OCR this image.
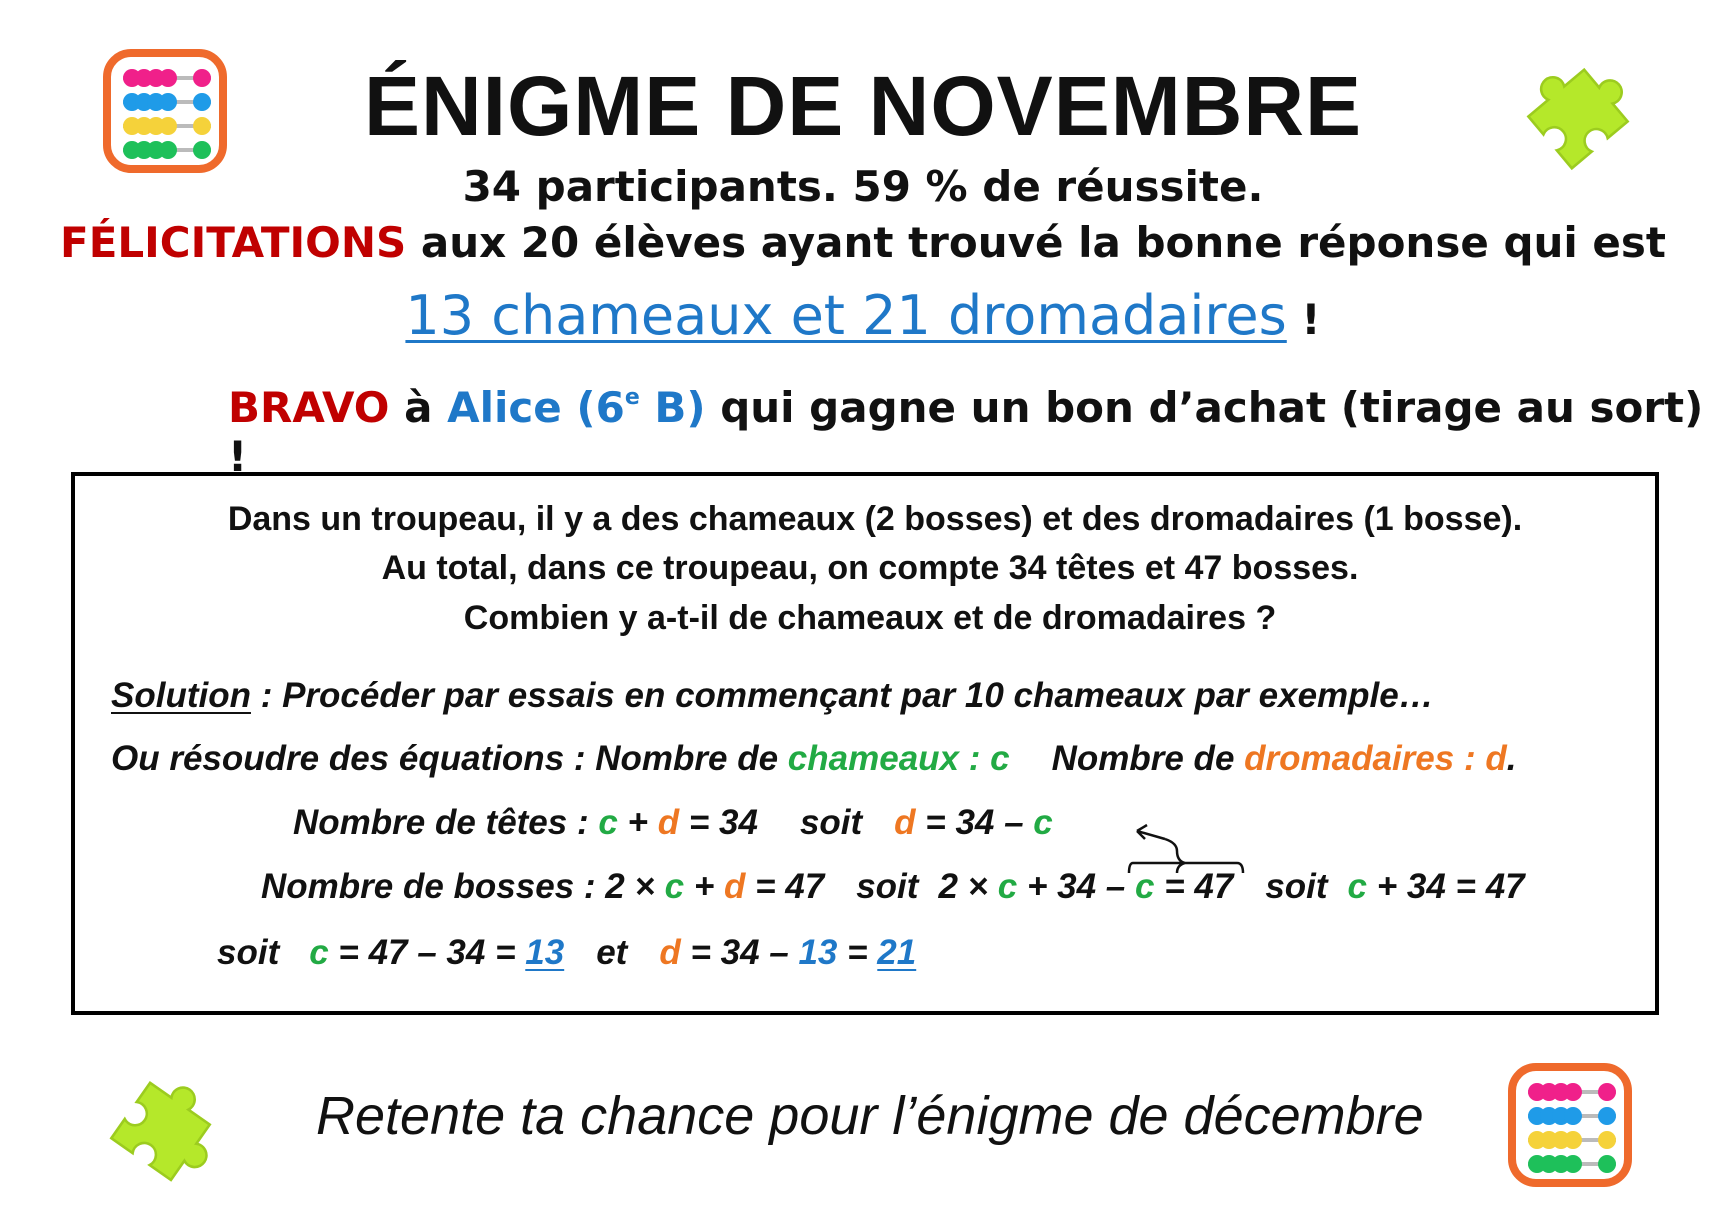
ÉNIGME DE NOVEMBRE
34 participants. 59 % de réussite.
FÉLICITATIONS aux 20 élèves ayant trouvé la bonne réponse qui est
13 chameaux et 21 dromadaires !
BRAVO à Alice (6e B) qui gagne un bon d’achat (tirage au sort) !
Dans un troupeau, il y a des chameaux (2 bosses) et des dromadaires (1 bosse).
Au total, dans ce troupeau, on compte 34 têtes et 47 bosses.
Combien y a-t-il de chameaux et de dromadaires ?
Solution : Procéder par essais en commençant par 10 chameaux par exemple…
Ou résoudre des équations : Nombre de chameaux : c Nombre de dromadaires : d.
Nombre de têtes : c + d = 34 soit d = 34 – c
Nombre de bosses : 2 × c + d = 47 soit 2 × c + 34 – c = 47 soit c + 34 = 47
soit c = 47 – 34 = 13 et d = 34 – 13 = 21
Retente ta chance pour l’énigme de décembre
